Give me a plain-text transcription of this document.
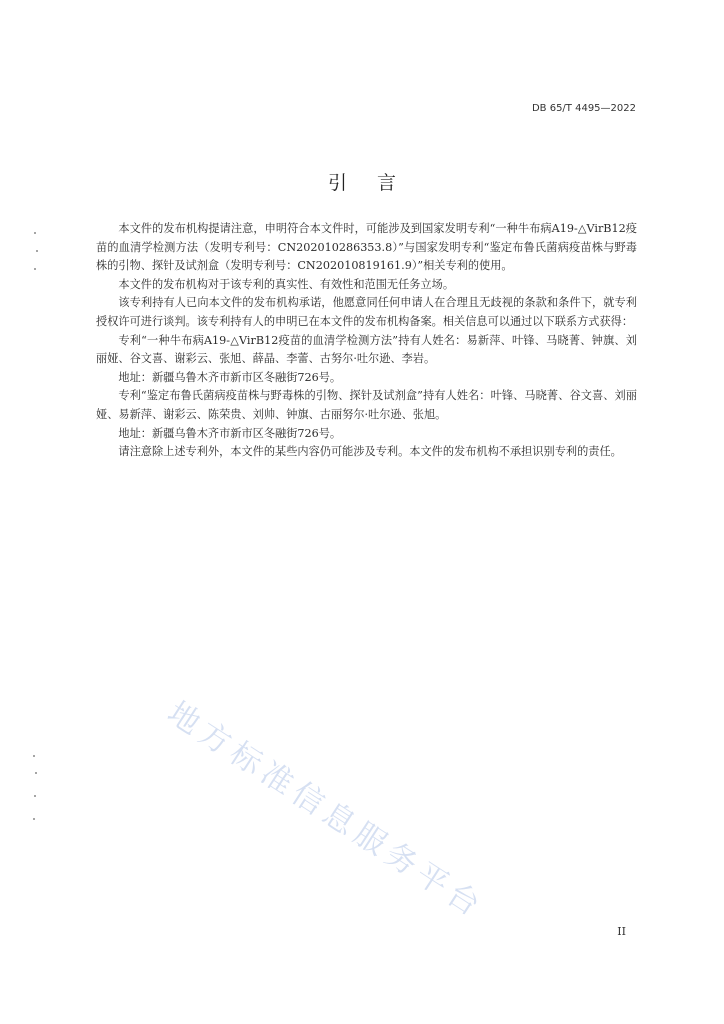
DB 65/T 4495—2022
引言

本文件的发布机构提请注意，申明符合本文件时，可能涉及到国家发明专利“一种牛布病A19-△VirB12疫苗的血清学检测方法（发明专利号：CN202010286353.8）”与国家发明专利“鉴定布鲁氏菌病疫苗株与野毒株的引物、探针及试剂盒（发明专利号：CN202010819161.9）”相关专利的使用。

本文件的发布机构对于该专利的真实性、有效性和范围无任务立场。

该专利持有人已向本文件的发布机构承诺，他愿意同任何申请人在合理且无歧视的条款和条件下，就专利授权许可进行谈判。该专利持有人的申明已在本文件的发布机构备案。相关信息可以通过以下联系方式获得：

专利“一种牛布病A19-△VirB12疫苗的血清学检测方法”持有人姓名：易新萍、叶锋、马晓菁、钟旗、刘丽娅、谷文喜、谢彩云、张旭、薛晶、李蕾、古努尔·吐尔逊、李岩。

地址：新疆乌鲁木齐市新市区冬融街726号。

专利“鉴定布鲁氏菌病疫苗株与野毒株的引物、探针及试剂盒”持有人姓名：叶锋、马晓菁、谷文喜、刘丽娅、易新萍、谢彩云、陈荣贵、刘帅、钟旗、古丽努尔·吐尔逊、张旭。

地址：新疆乌鲁木齐市新市区冬融街726号。

请注意除上述专利外，本文件的某些内容仍可能涉及专利。本文件的发布机构不承担识别专利的责任。

地方标准信息服务平台
II
